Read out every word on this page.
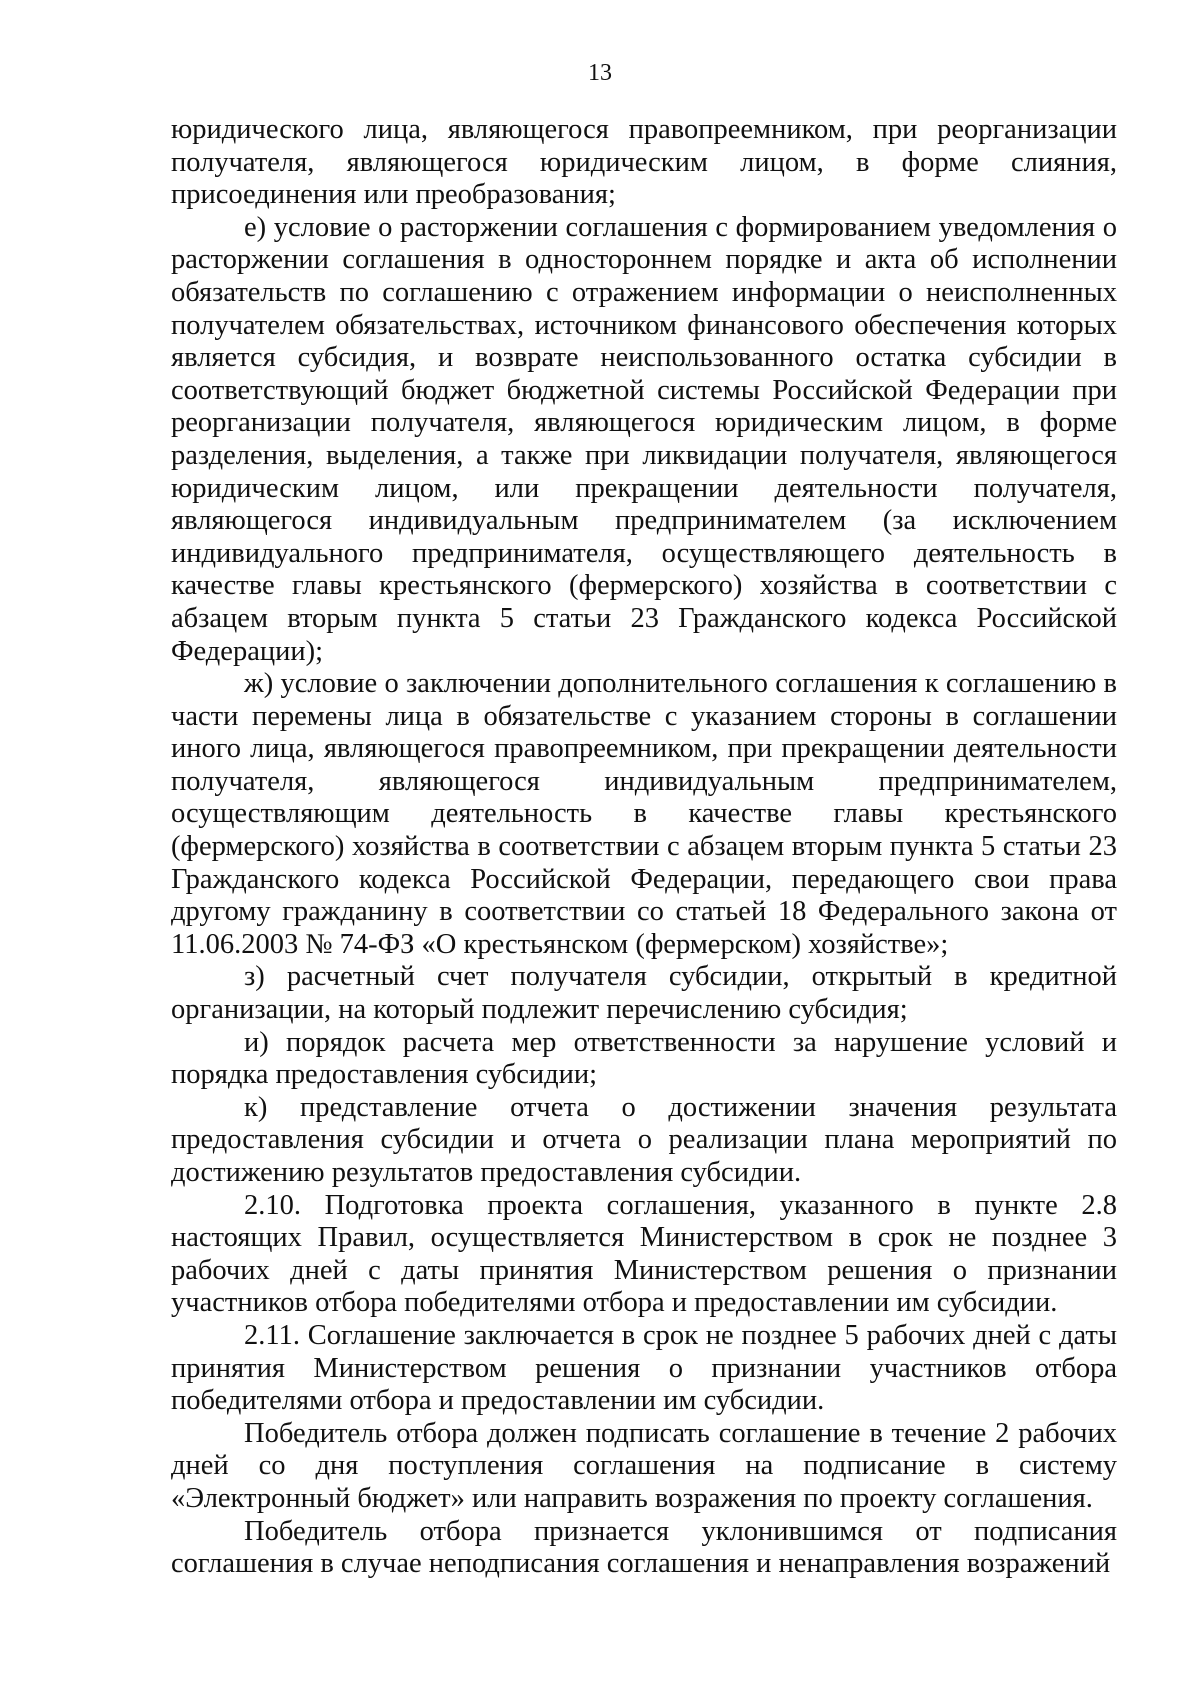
13

юридического лица, являющегося правопреемником, при реорганизации получателя, являющегося юридическим лицом, в форме слияния, присоединения или преобразования;

е) условие о расторжении соглашения с формированием уведомления о расторжении соглашения в одностороннем порядке и акта об исполнении обязательств по соглашению с отражением информации о неисполненных получателем обязательствах, источником финансового обеспечения которых является субсидия, и возврате неиспользованного остатка субсидии в соответствующий бюджет бюджетной системы Российской Федерации при реорганизации получателя, являющегося юридическим лицом, в форме разделения, выделения, а также при ликвидации получателя, являющегося юридическим лицом, или прекращении деятельности получателя, являющегося индивидуальным предпринимателем (за исключением индивидуального предпринимателя, осуществляющего деятельность в качестве главы крестьянского (фермерского) хозяйства в соответствии с абзацем вторым пункта 5 статьи 23 Гражданского кодекса Российской Федерации);

ж) условие о заключении дополнительного соглашения к соглашению в части перемены лица в обязательстве с указанием стороны в соглашении иного лица, являющегося правопреемником, при прекращении деятельности получателя, являющегося индивидуальным предпринимателем, осуществляющим деятельность в качестве главы крестьянского (фермерского) хозяйства в соответствии с абзацем вторым пункта 5 статьи 23 Гражданского кодекса Российской Федерации, передающего свои права другому гражданину в соответствии со статьей 18 Федерального закона от 11.06.2003 № 74-ФЗ «О крестьянском (фермерском) хозяйстве»;

з) расчетный счет получателя субсидии, открытый в кредитной организации, на который подлежит перечислению субсидия;

и) порядок расчета мер ответственности за нарушение условий и порядка предоставления субсидии;

к) представление отчета о достижении значения результата предоставления субсидии и отчета о реализации плана мероприятий по достижению результатов предоставления субсидии.

2.10. Подготовка проекта соглашения, указанного в пункте 2.8 настоящих Правил, осуществляется Министерством в срок не позднее 3 рабочих дней с даты принятия Министерством решения о признании участников отбора победителями отбора и предоставлении им субсидии.

2.11. Соглашение заключается в срок не позднее 5 рабочих дней с даты принятия Министерством решения о признании участников отбора победителями отбора и предоставлении им субсидии.

Победитель отбора должен подписать соглашение в течение 2 рабочих дней со дня поступления соглашения на подписание в систему «Электронный бюджет» или направить возражения по проекту соглашения.

Победитель отбора признается уклонившимся от подписания соглашения в случае неподписания соглашения и ненаправления возражений
